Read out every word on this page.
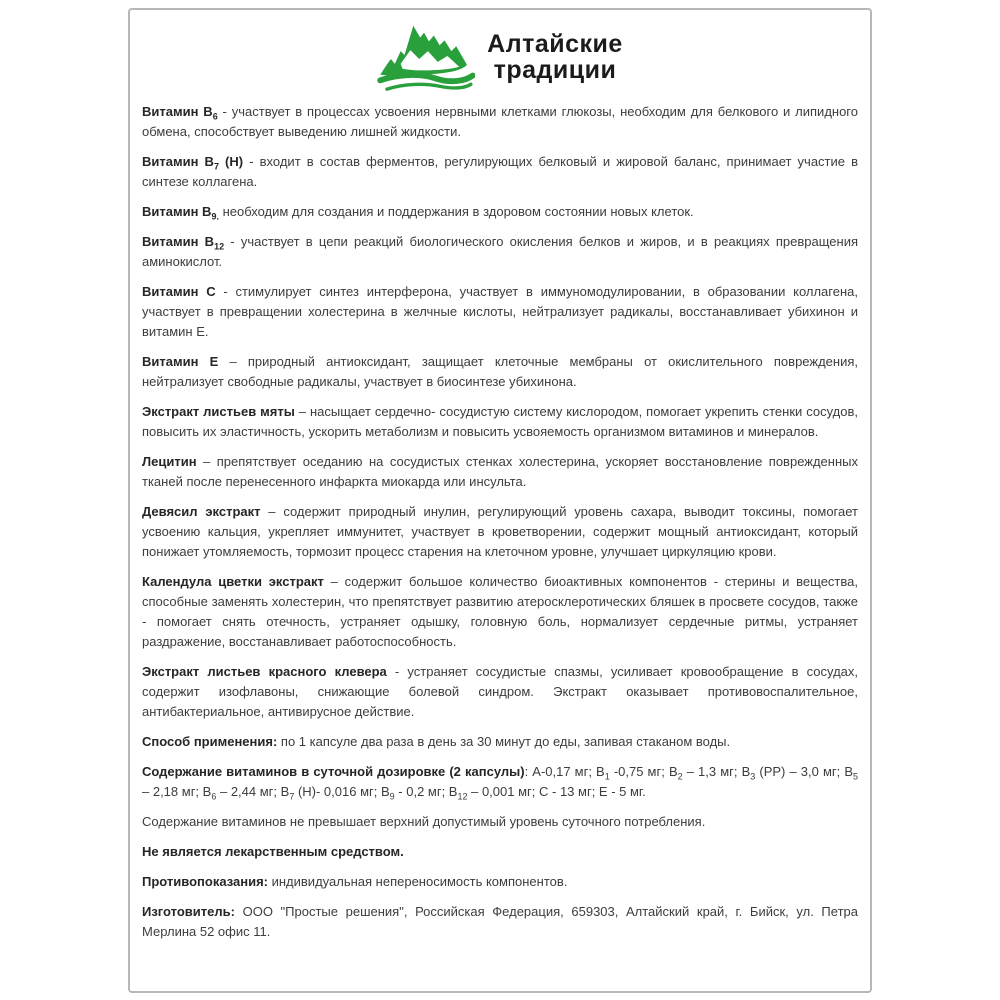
Алтайские
традиции

Витамин $В_6$ - участвует в процессах усвоения нервными клетками глюкозы, необходим для белкового и липидного обмена, способствует выведению лишней жидкости.

Витамин $В_7$ (Н) - входит в состав ферментов, регулирующих белковый и жировой баланс, принимает участие в синтезе коллагена.

Витамин $В_{9.}$ необходим для создания и поддержания в здоровом состоянии новых клеток.

Витамин $В_{12}$ - участвует в цепи реакций биологического окисления белков и жиров, и в реакциях превращения аминокислот.

Витамин С - стимулирует синтез интерферона, участвует в иммуномодулировании, в образовании коллагена, участвует в превращении холестерина в желчные кислоты, нейтрализует радикалы, восстанавливает убихинон и витамин Е.

Витамин Е – природный антиоксидант, защищает клеточные мембраны от окислительного повреждения, нейтрализует свободные радикалы, участвует в биосинтезе убихинона.

Экстракт листьев мяты – насыщает сердечно- сосудистую систему кислородом, помогает укрепить стенки сосудов, повысить их эластичность, ускорить метаболизм и повысить усвояемость организмом витаминов и минералов.

Лецитин – препятствует оседанию на сосудистых стенках холестерина, ускоряет восстановление поврежденных тканей после перенесенного инфаркта миокарда или инсульта.

Девясил экстракт – содержит природный инулин, регулирующий уровень сахара, выводит токсины, помогает усвоению кальция, укрепляет иммунитет, участвует в кроветворении, содержит мощный антиоксидант, который понижает утомляемость, тормозит процесс старения на клеточном уровне, улучшает циркуляцию крови.

Календула цветки экстракт – содержит большое количество биоактивных компонентов - стерины и вещества, способные заменять холестерин, что препятствует развитию атеросклеротических бляшек в просвете сосудов, также - помогает снять отечность, устраняет одышку, головную боль, нормализует сердечные ритмы, устраняет раздражение, восстанавливает работоспособность.

Экстракт листьев красного клевера - устраняет сосудистые спазмы, усиливает кровообращение в сосудах, содержит изофлавоны, снижающие болевой синдром. Экстракт оказывает противовоспалительное, антибактериальное, антивирусное действие.

Способ применения: по 1 капсуле два раза в день за 30 минут до еды, запивая стаканом воды.

Содержание витаминов в суточной дозировке (2 капсулы): А-0,17 мг; $В_1$ -0,75 мг; $В_2 - 1,3$ мг; $В_3$ (РР) – 3,0 мг; $В_5 - 2,18$ мг; $В_6 - 2,44$ мг; $В_7$ (Н)- 0,016 мг; $В_9 - 0,2$ мг; $В_{12} - 0,001$ мг; С - 13 мг; Е - 5 мг.

Содержание витаминов не превышает верхний допустимый уровень суточного потребления.

Не является лекарственным средством.

Противопоказания: индивидуальная непереносимость компонентов.

Изготовитель: ООО "Простые решения", Российская Федерация, 659303, Алтайский край, г. Бийск, ул. Петра Мерлина 52 офис 11.
